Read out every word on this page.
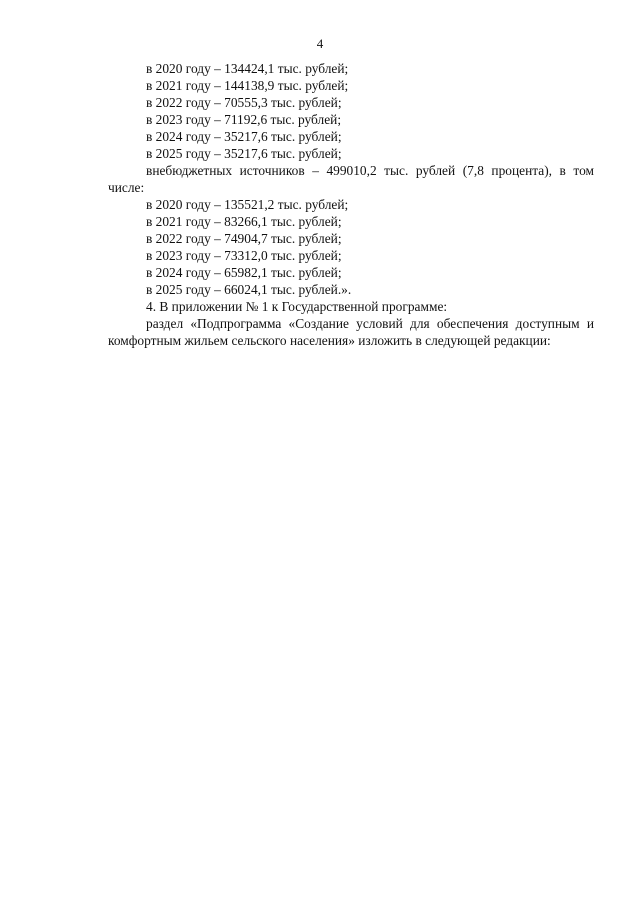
4

в 2020 году – 134424,1 тыс. рублей;

в 2021 году – 144138,9 тыс. рублей;

в 2022 году – 70555,3 тыс. рублей;

в 2023 году – 71192,6 тыс. рублей;

в 2024 году – 35217,6 тыс. рублей;

в 2025 году – 35217,6 тыс. рублей;

внебюджетных источников – 499010,2 тыс. рублей (7,8 процента), в том

числе:

в 2020 году – 135521,2 тыс. рублей;

в 2021 году – 83266,1 тыс. рублей;

в 2022 году – 74904,7 тыс. рублей;

в 2023 году – 73312,0 тыс. рублей;

в 2024 году – 65982,1 тыс. рублей;

в 2025 году – 66024,1 тыс. рублей.».

4. В приложении № 1 к Государственной программе:

раздел «Подпрограмма «Создание условий для обеспечения доступным и

комфортным жильем сельского населения» изложить в следующей редакции:
